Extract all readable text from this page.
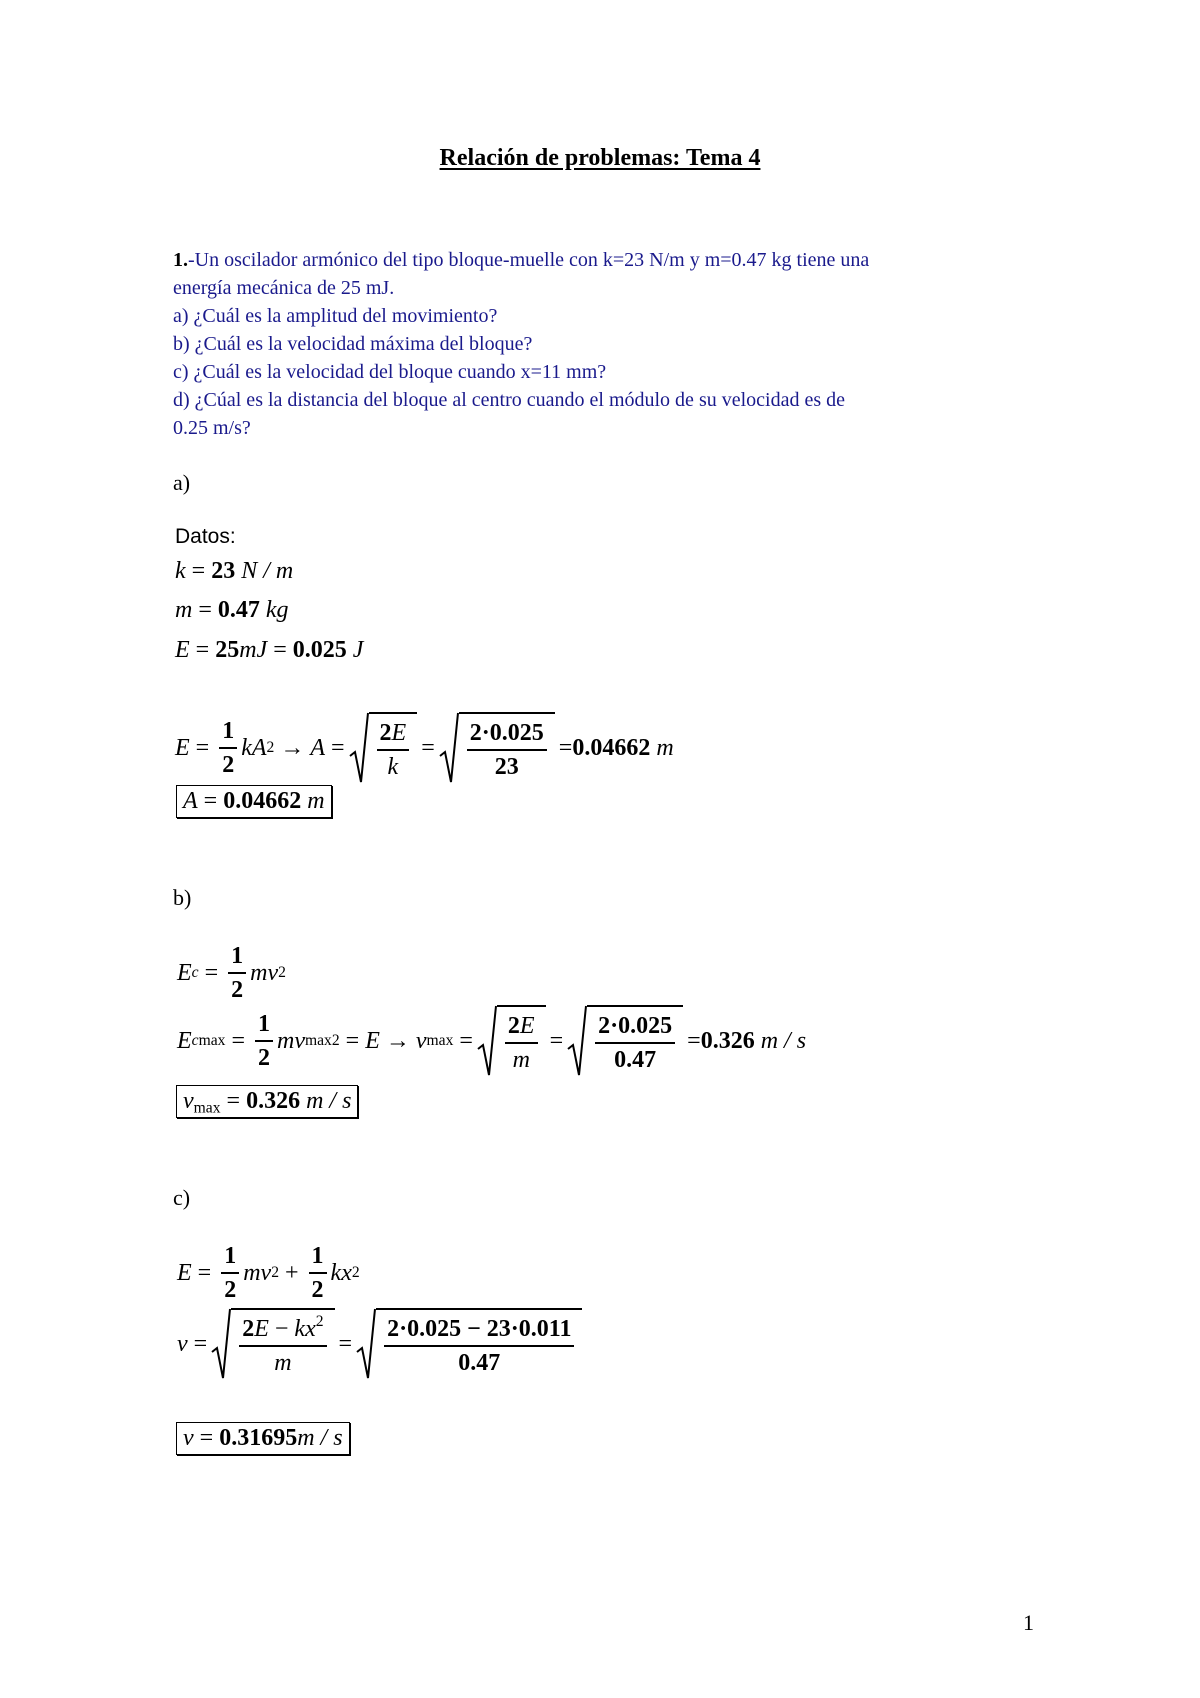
Relación de problemas: Tema 4
1.-Un oscilador armónico del tipo bloque-muelle con k=23 N/m y m=0.47 kg tiene una
energía mecánica de 25 mJ.
a) ¿Cuál es la amplitud del movimiento?
b) ¿Cuál es la velocidad máxima del bloque?
c) ¿Cuál es la velocidad del bloque cuando x=11 mm?
d) ¿Cúal es la distancia del bloque al centro cuando el módulo de su velocidad es de
0.25 m/s?
a)
Datos:
k = 23 N / m
m = 0.47 kg
E = 25mJ = 0.025 J
$E = \frac{1}{2}$ kA $2 \to A = \frac{2E}{k} = \frac{2\cdot 0.025}{23} = 0.04662$
m
A = 0.04662 m
b)
E $c = \frac{1}{2}$ mv 2
E $cmax = \frac{1}{2}$ mv max 2 = E → v $\max = \frac{2E}{m} = \frac{2\cdot 0.025}{0.47} = 0.326$
m / s
$v_{max} = 0.326$ m / s
c)
$E = \frac{1}{2}$ mv $2 + \frac{1}{2}$ kx 2
$v = \frac{2E - kx^2}{m} = \frac{2\cdot 0.025 - 23\cdot 0.011}{0.47}$
v = 0.31695m / s
1
